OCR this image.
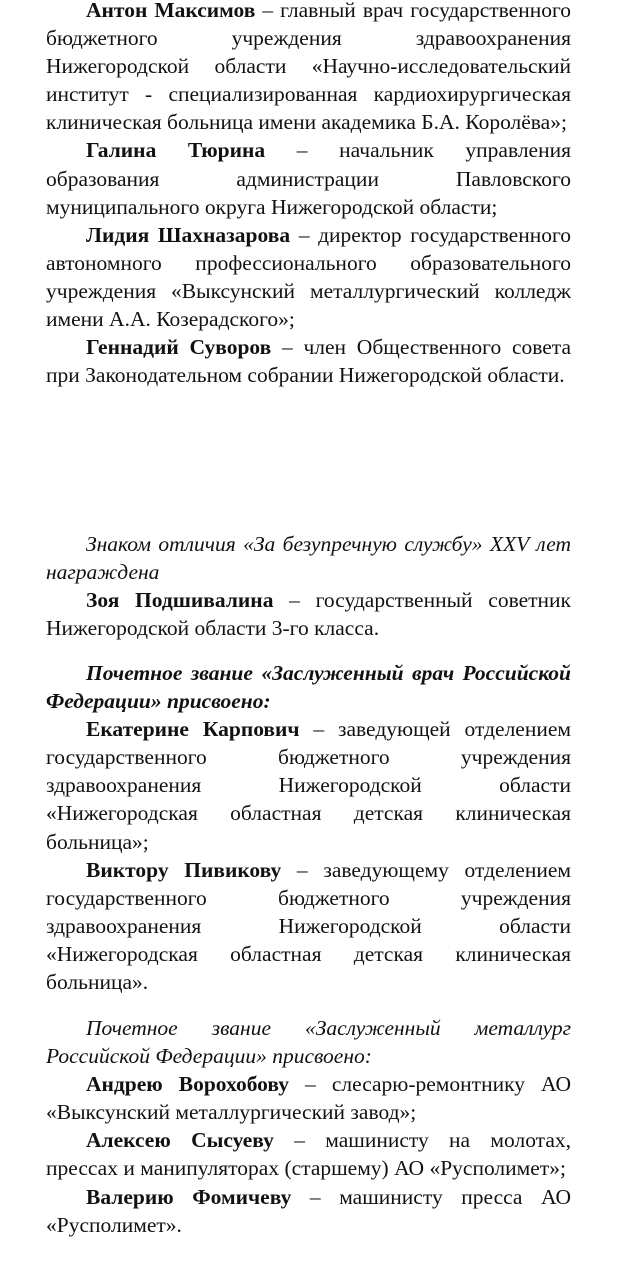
Антон Максимов – главный врач государственного бюджетного учреждения здравоохранения Нижегородской области «Научно-исследовательский институт - специализированная кардиохирургическая клиническая больница имени академика Б.А. Королёва»;

Галина Тюрина – начальник управления образования администрации Павловского муниципального округа Нижегородской области;

Лидия Шахназарова – директор государственного автономного профессионального образовательного учреждения «Выксунский металлургический колледж имени А.А. Козерадского»;

Геннадий Суворов – член Общественного совета при Законодательном собрании Нижегородской области.

Знаком отличия «За безупречную службу» XXV лет награждена

Зоя Подшивалина – государственный советник Нижегородской области 3-го класса.

Почетное звание «Заслуженный врач Российской Федерации» присвоено:

Екатерине Карпович – заведующей отделением государственного бюджетного учреждения здравоохранения Нижегородской области «Нижегородская областная детская клиническая больница»;

Виктору Пивикову – заведующему отделением государственного бюджетного учреждения здравоохранения Нижегородской области «Нижегородская областная детская клиническая больница».

Почетное звание «Заслуженный металлург Российской Федерации» присвоено:

Андрею Ворохобову – слесарю-ремонтнику АО «Выксунский металлургический завод»;

Алексею Сысуеву – машинисту на молотах, прессах и манипуляторах (старшему) АО «Русполимет»;

Валерию Фомичеву – машинисту пресса АО «Русполимет».
